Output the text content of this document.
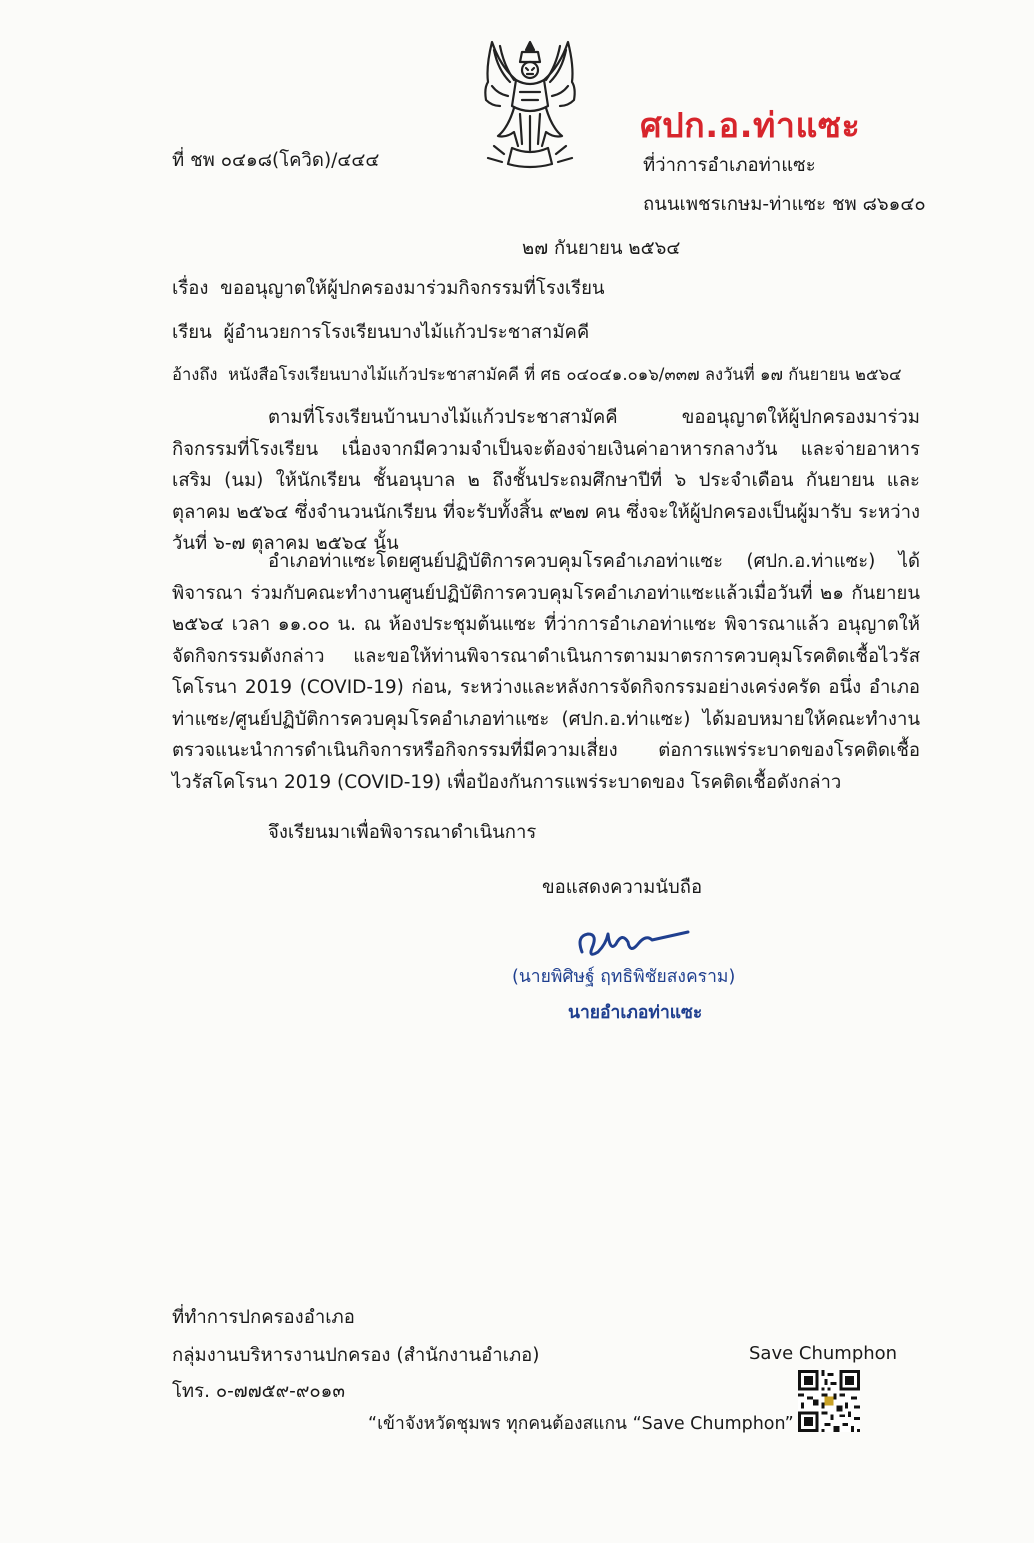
ศปก.อ.ท่าแซะ

ที่ ชพ ๐๔๑๘(โควิด)/๔๔๔	ที่ว่าการอำเภอท่าแซะ

ถนนเพชรเกษม-ท่าแซะ ชพ ๘๖๑๔๐

๒๗ กันยายน ๒๕๖๔

เรื่อง ขออนุญาตให้ผู้ปกครองมาร่วมกิจกรรมที่โรงเรียน

เรียน ผู้อำนวยการโรงเรียนบางไม้แก้วประชาสามัคคี

อ้างถึง หนังสือโรงเรียนบางไม้แก้วประชาสามัคคี ที่ ศธ ๐๔๐๔๑.๐๑๖/๓๓๗ ลงวันที่ ๑๗ กันยายน ๒๕๖๔

ตามที่โรงเรียนบ้านบางไม้แก้วประชาสามัคคี ขออนุญาตให้ผู้ปกครองมาร่วมกิจกรรมที่โรงเรียน เนื่องจากมีความจำเป็นจะต้องจ่ายเงินค่าอาหารกลางวัน และจ่ายอาหารเสริม (นม) ให้นักเรียน ชั้นอนุบาล ๒ ถึงชั้นประถมศึกษาปีที่ ๖ ประจำเดือน กันยายน และตุลาคม ๒๕๖๔ ซึ่งจำนวนนักเรียน ที่จะรับทั้งสิ้น ๙๒๗ คน ซึ่งจะให้ผู้ปกครองเป็นผู้มารับ ระหว่างวันที่ ๖-๗ ตุลาคม ๒๕๖๔ นั้น

อำเภอท่าแซะโดยศูนย์ปฏิบัติการควบคุมโรคอำเภอท่าแซะ (ศปก.อ.ท่าแซะ) ได้พิจารณา ร่วมกับคณะทำงานศูนย์ปฏิบัติการควบคุมโรคอำเภอท่าแซะแล้วเมื่อวันที่ ๒๑ กันยายน ๒๕๖๔ เวลา ๑๑.๐๐ น. ณ ห้องประชุมต้นแซะ ที่ว่าการอำเภอท่าแซะ พิจารณาแล้ว อนุญาตให้จัดกิจกรรมดังกล่าว และขอให้ท่านพิจารณาดำเนินการตามมาตรการควบคุมโรคติดเชื้อไวรัสโคโรนา 2019 (COVID-19) ก่อน, ระหว่างและหลังการจัดกิจกรรมอย่างเคร่งครัด อนึ่ง อำเภอท่าแซะ/ศูนย์ปฏิบัติการควบคุมโรคอำเภอท่าแซะ (ศปก.อ.ท่าแซะ) ได้มอบหมายให้คณะทำงาน ตรวจแนะนำการดำเนินกิจการหรือกิจกรรมที่มีความเสี่ยง ต่อการแพร่ระบาดของโรคติดเชื้อไวรัสโคโรนา 2019 (COVID-19) เพื่อป้องกันการแพร่ระบาดของ โรคติดเชื้อดังกล่าว

จึงเรียนมาเพื่อพิจารณาดำเนินการ

ขอแสดงความนับถือ

(นายพิศิษฐ์ ฤทธิพิชัยสงคราม)

นายอำเภอท่าแซะ

ที่ทำการปกครองอำเภอ

กลุ่มงานบริหารงานปกครอง (สำนักงานอำเภอ)

โทร. ๐-๗๗๕๙-๙๐๑๓

Save Chumphon

“เข้าจังหวัดชุมพร ทุกคนต้องสแกน “Save Chumphon”
